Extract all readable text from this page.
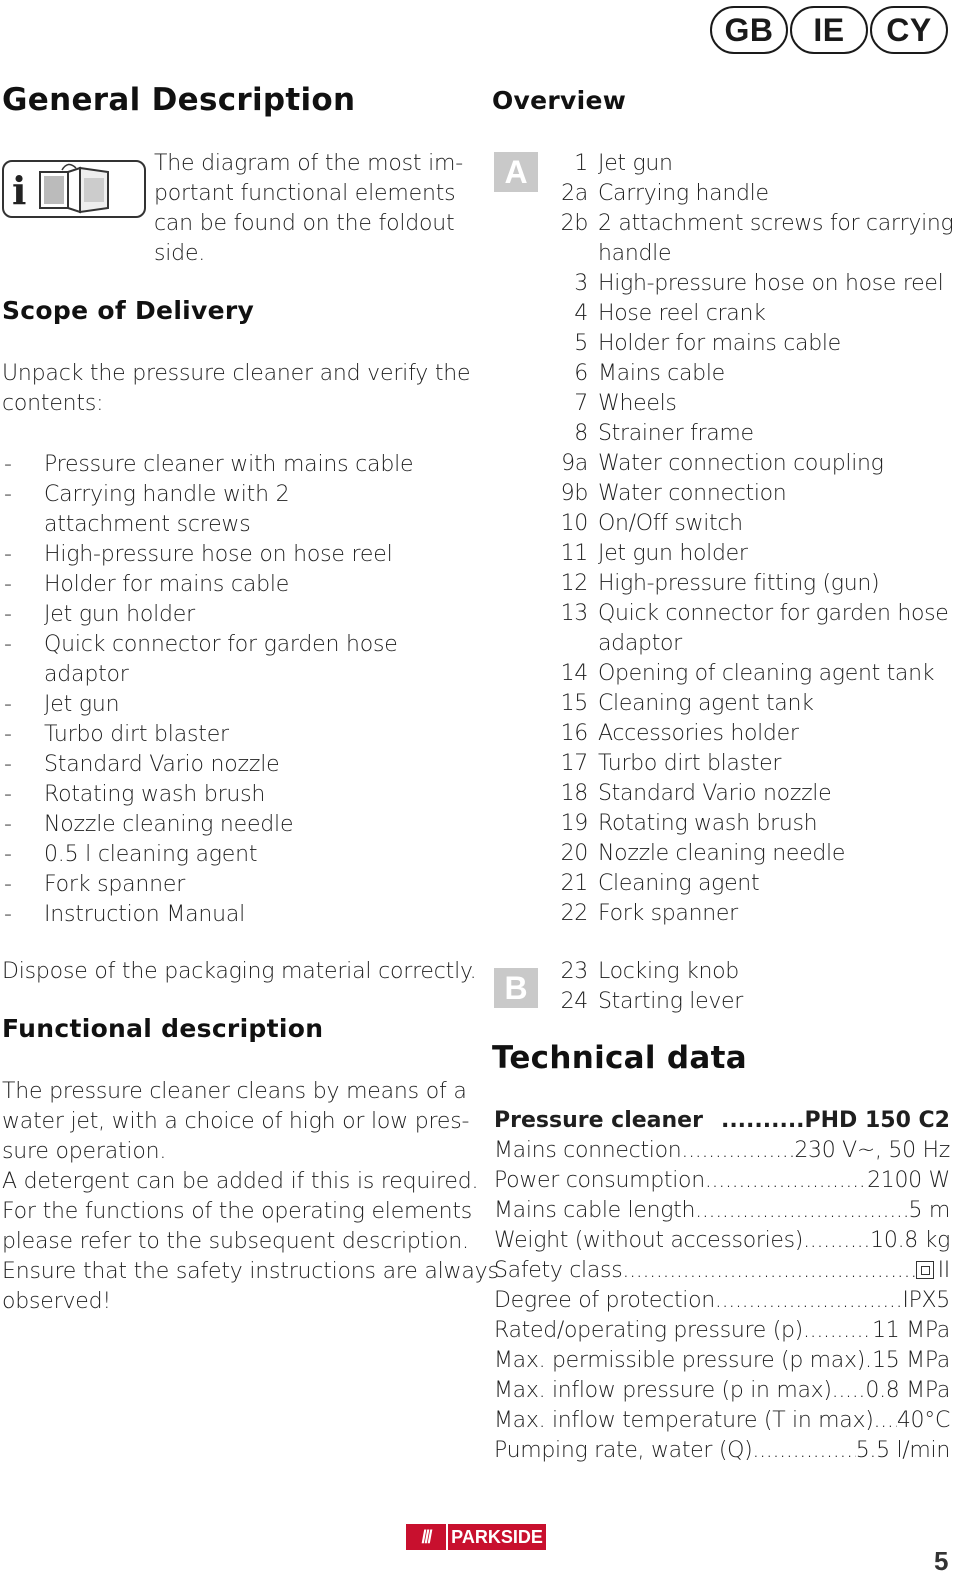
GB	IE	CY
General Description
i

The diagram of the most im-

portant functional elements

can be found on the foldout

side.

Scope of Delivery

Unpack the pressure cleaner and verify the

contents:

- Pressure cleaner with mains cable
- Carrying handle with 2 attachment screws
- High-pressure hose on hose reel
- Holder for mains cable
- Jet gun holder
- Quick connector for garden hose adaptor
- Jet gun
- Turbo dirt blaster
- Standard Vario nozzle
- Rotating wash brush
- Nozzle cleaning needle
- 0.5 l cleaning agent
- Fork spanner
- Instruction Manual

Dispose of the packaging material correctly.

Functional description

The pressure cleaner cleans by means of a

water jet, with a choice of high or low pres-

sure operation.

A detergent can be added if this is required.

For the functions of the operating elements

please refer to the subsequent description.

Ensure that the safety instructions are always

observed!

Overview
A	1 Jet gun
2a Carrying handle
2b 2 attachment screws for carrying handle
3 High-pressure hose on hose reel
4 Hose reel crank
5 Holder for mains cable
6 Mains cable
7 Wheels
8 Strainer frame
9a Water connection coupling
9b Water connection
10 On/Off switch
11 Jet gun holder
12 High-pressure fitting (gun)
13 Quick connector for garden hose adaptor
14 Opening of cleaning agent tank
15 Cleaning agent tank
16 Accessories holder
17 Turbo dirt blaster
18 Standard Vario nozzle
19 Rotating wash brush
20 Nozzle cleaning needle
21 Cleaning agent
22 Fork spanner
B	23 Locking knob
24 Starting lever
Technical data
Pressure cleaner .....	PHD 150 C2
Mains connection .....	230 V~, 50 Hz
Power consumption .....	2100 W
Mains cable length .....	5 m
Weight (without accessories) .....	10.8 kg
Safety class .....	II
Degree of protection .....	IPX5
Rated/operating pressure (p) .....	11 MPa
Max. permissible pressure (p max) ..... 15 MPa
Max. inflow pressure (p in max) ..... 0.8 MPa
Max. inflow temperature (T in max) ..... 40°C
Pumping rate, water (Q) .....	5.5 l/min
///	PARKSIDE
5
